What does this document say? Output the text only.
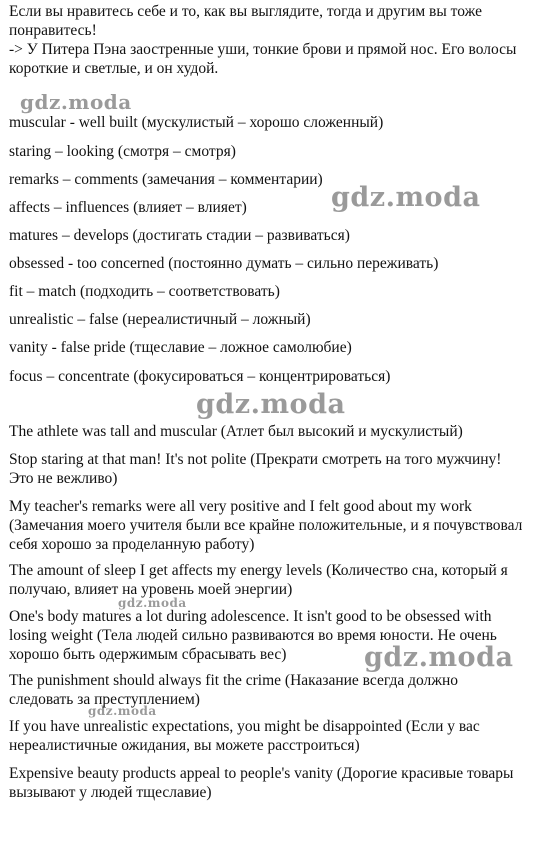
Если вы нравитесь себе и то, как вы выглядите, тогда и другим вы тоже
понравитесь!
-> У Питера Пэна заостренные уши, тонкие брови и прямой нос. Его волосы
короткие и светлые, и он худой.
gdz.moda
gdz.moda
gdz.moda
gdz.moda
gdz.moda
gdz.moda
muscular - well built (мускулистый – хорошо сложенный)
staring – looking (смотря – смотря)
remarks – comments (замечания – комментарии)
affects – influences (влияет – влияет)
matures – develops (достигать стадии – развиваться)
obsessed - too concerned (постоянно думать – сильно переживать)
fit – match (подходить – соответствовать)
unrealistic – false (нереалистичный – ложный)
vanity - false pride (тщеславие – ложное самолюбие)
focus – concentrate (фокусироваться – концентрироваться)
The athlete was tall and muscular (Атлет был высокий и мускулистый)
Stop staring at that man! It's not polite (Прекрати смотреть на того мужчину!
Это не вежливо)
My teacher's remarks were all very positive and I felt good about my work
(Замечания моего учителя были все крайне положительные, и я почувствовал
себя хорошо за проделанную работу)
The amount of sleep I get affects my energy levels (Количество сна, который я
получаю, влияет на уровень моей энергии)
One's body matures a lot during adolescence. It isn't good to be obsessed with
losing weight (Тела людей сильно развиваются во время юности. Не очень
хорошо быть одержимым сбрасывать вес)
The punishment should always fit the crime (Наказание всегда должно
следовать за преступлением)
If you have unrealistic expectations, you might be disappointed (Если у вас
нереалистичные ожидания, вы можете расстроиться)
Expensive beauty products appeal to people's vanity (Дорогие красивые товары
вызывают у людей тщеславие)
